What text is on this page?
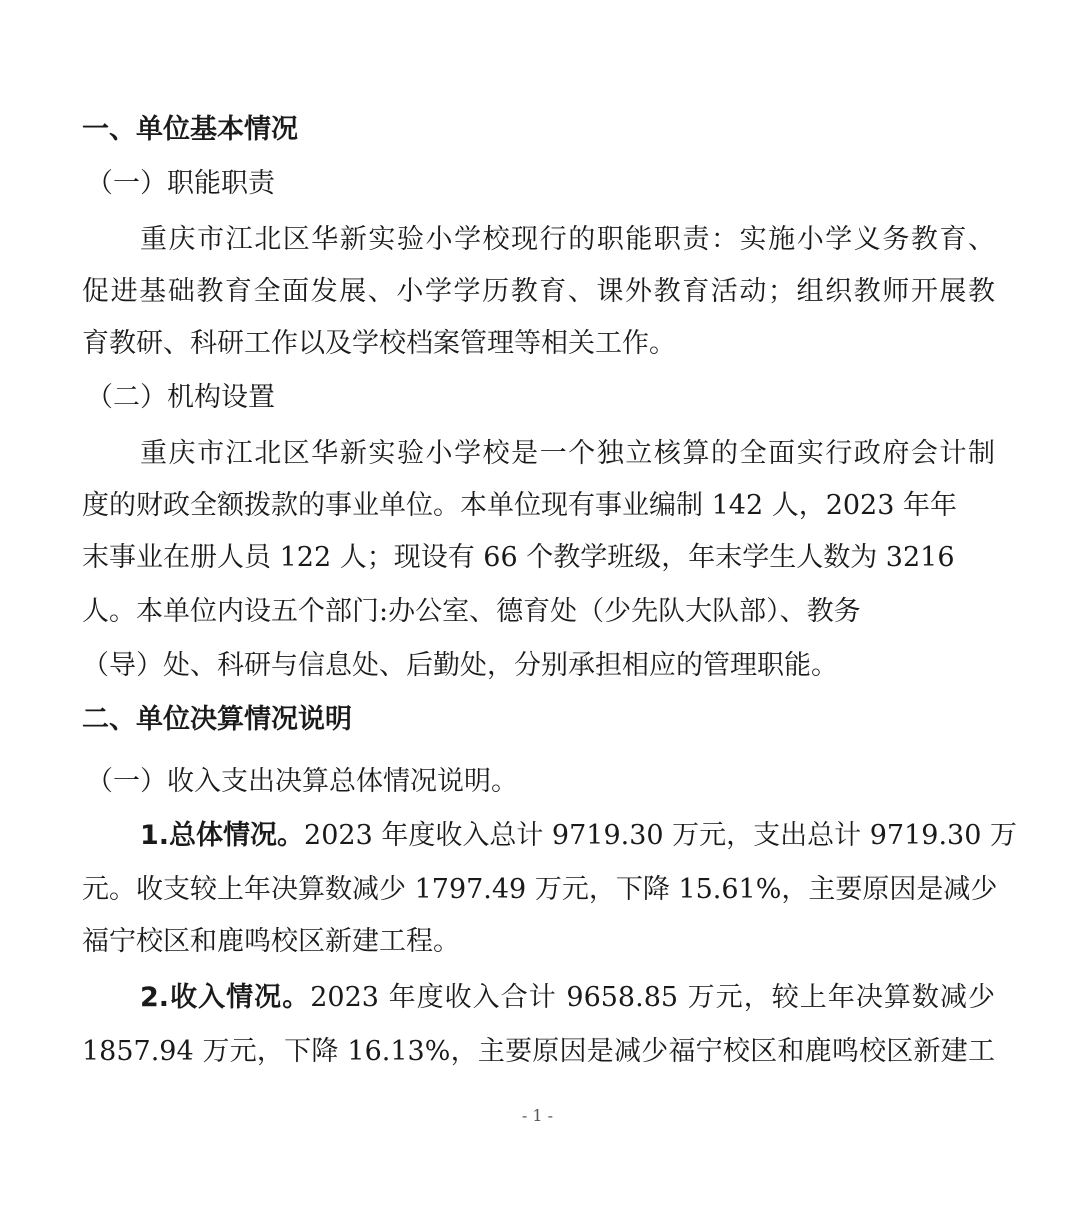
一、单位基本情况
（一）职能职责

重庆市江北区华新实验小学校现行的职能职责：实施小学义务教育、

促进基础教育全面发展、小学学历教育、课外教育活动；组织教师开展教

育教研、科研工作以及学校档案管理等相关工作。

（二）机构设置

重庆市江北区华新实验小学校是一个独立核算的全面实行政府会计制

度的财政全额拨款的事业单位。本单位现有事业编制 142 人，2023 年年

末事业在册人员 122 人；现设有 66 个教学班级，年末学生人数为 3216

人。本单位内设五个部门:办公室、德育处（少先队大队部）、教务

（导）处、科研与信息处、后勤处，分别承担相应的管理职能。

二、单位决算情况说明
（一）收入支出决算总体情况说明。

1.总体情况。2023 年度收入总计 9719.30 万元，支出总计 9719.30 万

元。收支较上年决算数减少 1797.49 万元，下降 15.61%，主要原因是减少

福宁校区和鹿鸣校区新建工程。

2.收入情况。2023 年度收入合计 9658.85 万元，较上年决算数减少

1857.94 万元，下降 16.13%，主要原因是减少福宁校区和鹿鸣校区新建工

- 1 -
